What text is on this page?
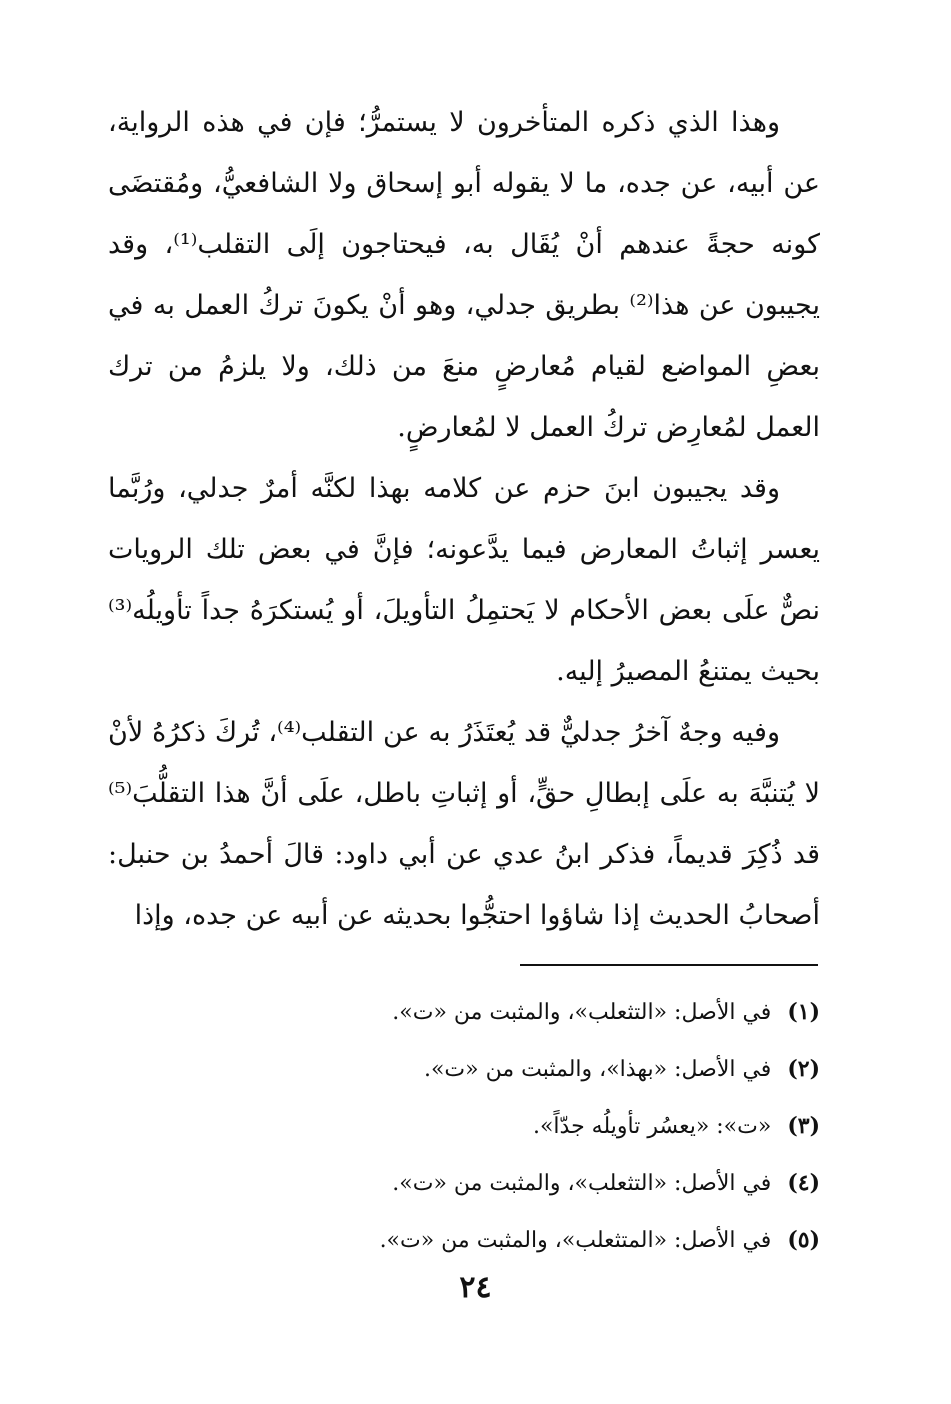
وهذا الذي ذكره المتأخرون لا يستمرُّ؛ فإن في هذه الرواية، عن أبيه، عن جده، ما لا يقوله أبو إسحاق ولا الشافعيُّ، ومُقتضَى كونه حجةً عندهم أنْ يُقَال به، فيحتاجون إلَى التقلب⁽¹⁾، وقد يجيبون عن هذا⁽²⁾ بطريق جدلي، وهو أنْ يكونَ تركُ العمل به في بعضِ المواضع لقيام مُعارضٍ منعَ من ذلك، ولا يلزمُ من ترك العمل لمُعارِض تركُ العمل لا لمُعارضٍ.

وقد يجيبون ابنَ حزم عن كلامه بهذا لكنَّه أمرٌ جدلي، ورُبَّما يعسر إثباتُ المعارض فيما يدَّعونه؛ فإنَّ في بعض تلك الرويات نصٌّ علَى بعض الأحكام لا يَحتمِلُ التأويلَ، أو يُستكرَهُ جداً تأويلُه⁽³⁾ بحيث يمتنعُ المصيرُ إليه.

وفيه وجهٌ آخرُ جدليٌّ قد يُعتَذَرُ به عن التقلب⁽⁴⁾، تُركَ ذكرُهُ لأنْ لا يُتنبَّهَ به علَى إبطالِ حقٍّ، أو إثباتِ باطل، علَى أنَّ هذا التقلُّبَ⁽⁵⁾ قد ذُكِرَ قديماً، فذكر ابنُ عدي عن أبي داود: قالَ أحمدُ بن حنبل: أصحابُ الحديث إذا شاؤوا احتجُّوا بحديثه عن أبيه عن جده، وإذا

(١)في الأصل: «التثعلب»، والمثبت من «ت».

(٢)في الأصل: «بهذا»، والمثبت من «ت».

(٣)«ت»: «يعسُر تأويلُه جدّاً».

(٤)في الأصل: «التثعلب»، والمثبت من «ت».

(٥)في الأصل: «المتثعلب»، والمثبت من «ت».

٢٤
